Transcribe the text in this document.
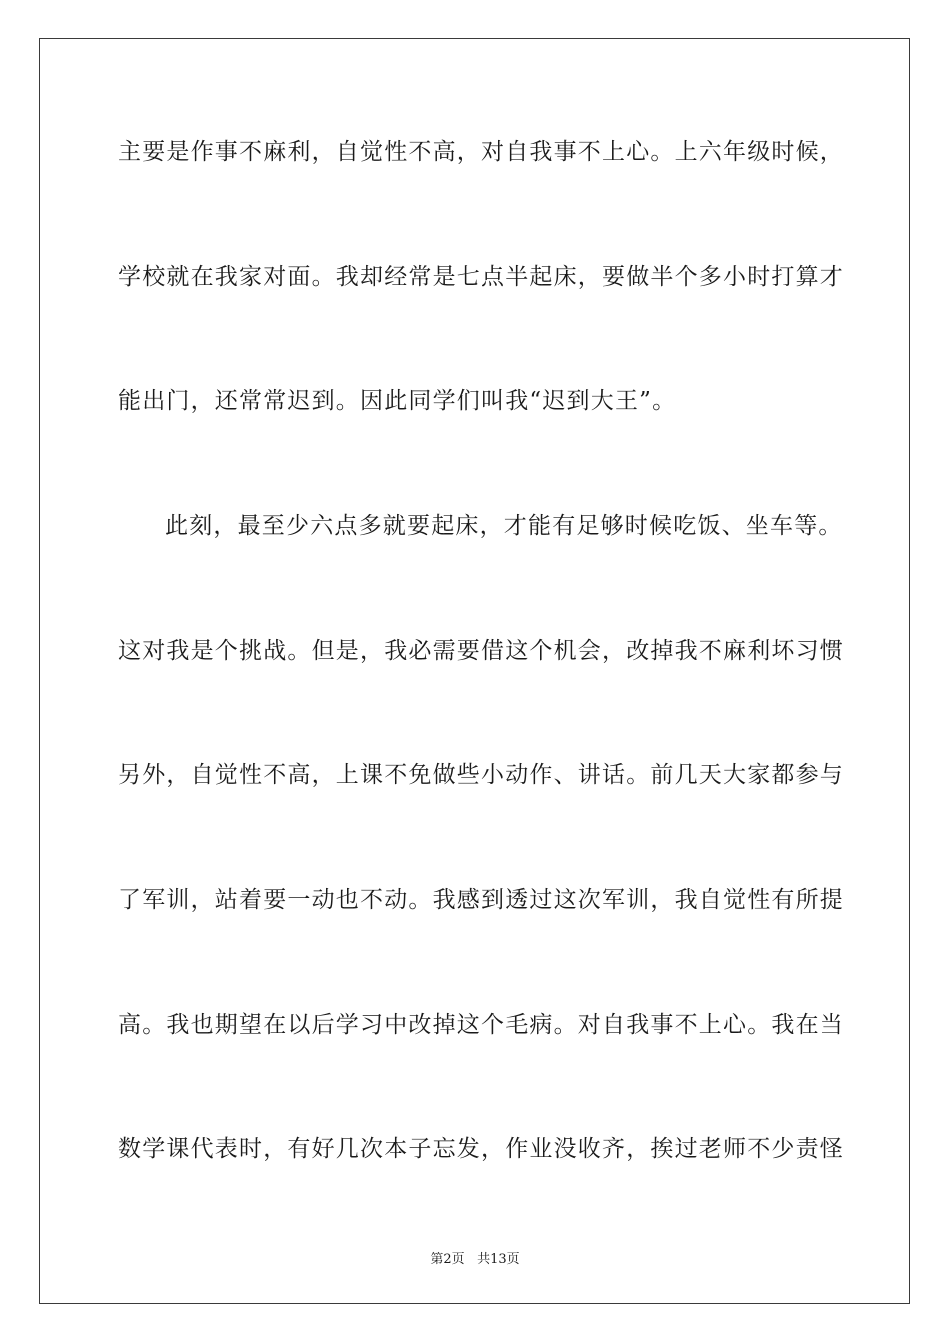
主要是作事不麻利，自觉性不高，对自我事不上心。上六年级时候，
学校就在我家对面。我却经常是七点半起床，要做半个多小时打算才
能出门，还常常迟到。因此同学们叫我“迟到大王”。
此刻，最至少六点多就要起床，才能有足够时候吃饭、坐车等。
这对我是个挑战。但是，我必需要借这个机会，改掉我不麻利坏习惯
另外，自觉性不高，上课不免做些小动作、讲话。前几天大家都参与
了军训，站着要一动也不动。我感到透过这次军训，我自觉性有所提
高。我也期望在以后学习中改掉这个毛病。对自我事不上心。我在当
数学课代表时，有好几次本子忘发，作业没收齐，挨过老师不少责怪
第2页 共13页
